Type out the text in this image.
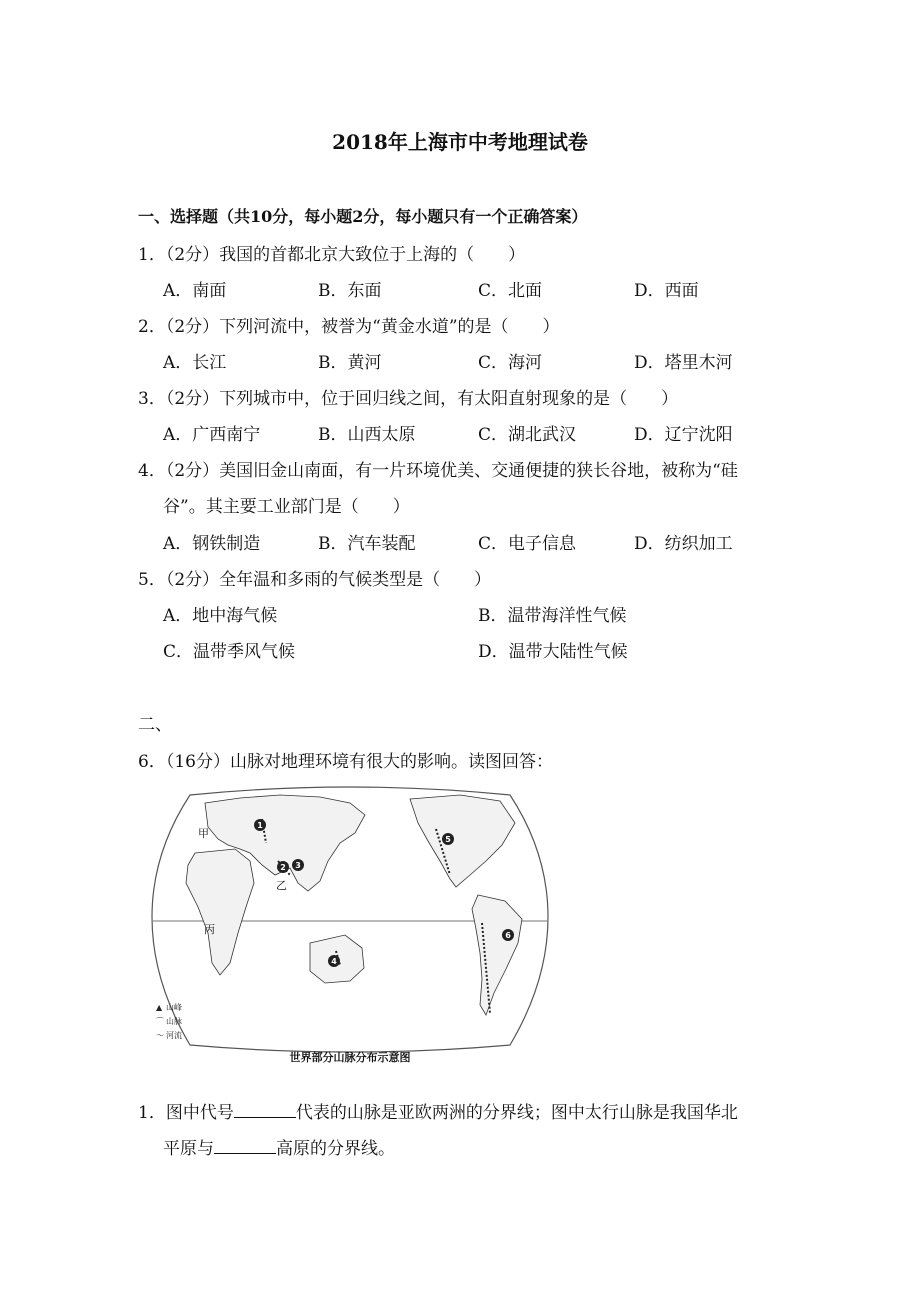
2018年上海市中考地理试卷
一、选择题（共10分，每小题2分，每小题只有一个正确答案）
1．（2分）我国的首都北京大致位于上海的（　　）
A．南面	B．东面	C．北面	D．西面
2．（2分）下列河流中，被誉为“黄金水道”的是（　　）
A．长江	B．黄河	C．海河	D．塔里木河
3．（2分）下列城市中，位于回归线之间，有太阳直射现象的是（　　）
A．广西南宁	B．山西太原	C．湖北武汉	D．辽宁沈阳
4．（2分）美国旧金山南面，有一片环境优美、交通便捷的狭长谷地，被称为“硅
谷”。其主要工业部门是（　　）
A．钢铁制造	B．汽车装配	C．电子信息	D．纺织加工
5．（2分）全年温和多雨的气候类型是（　　）
A．地中海气候	B．温带海洋性气候
C．温带季风气候	D．温带大陆性气候
二、
6．（16分）山脉对地理环境有很大的影响。读图回答：
1
2 3
4
5
6
甲
乙
丙
▲ 山峰
⌒ 山脉
～ 河流
世界部分山脉分布示意图
1．图中代号	代表的山脉是亚欧两洲的分界线；图中太行山脉是我国华北
平原与	高原的分界线。
